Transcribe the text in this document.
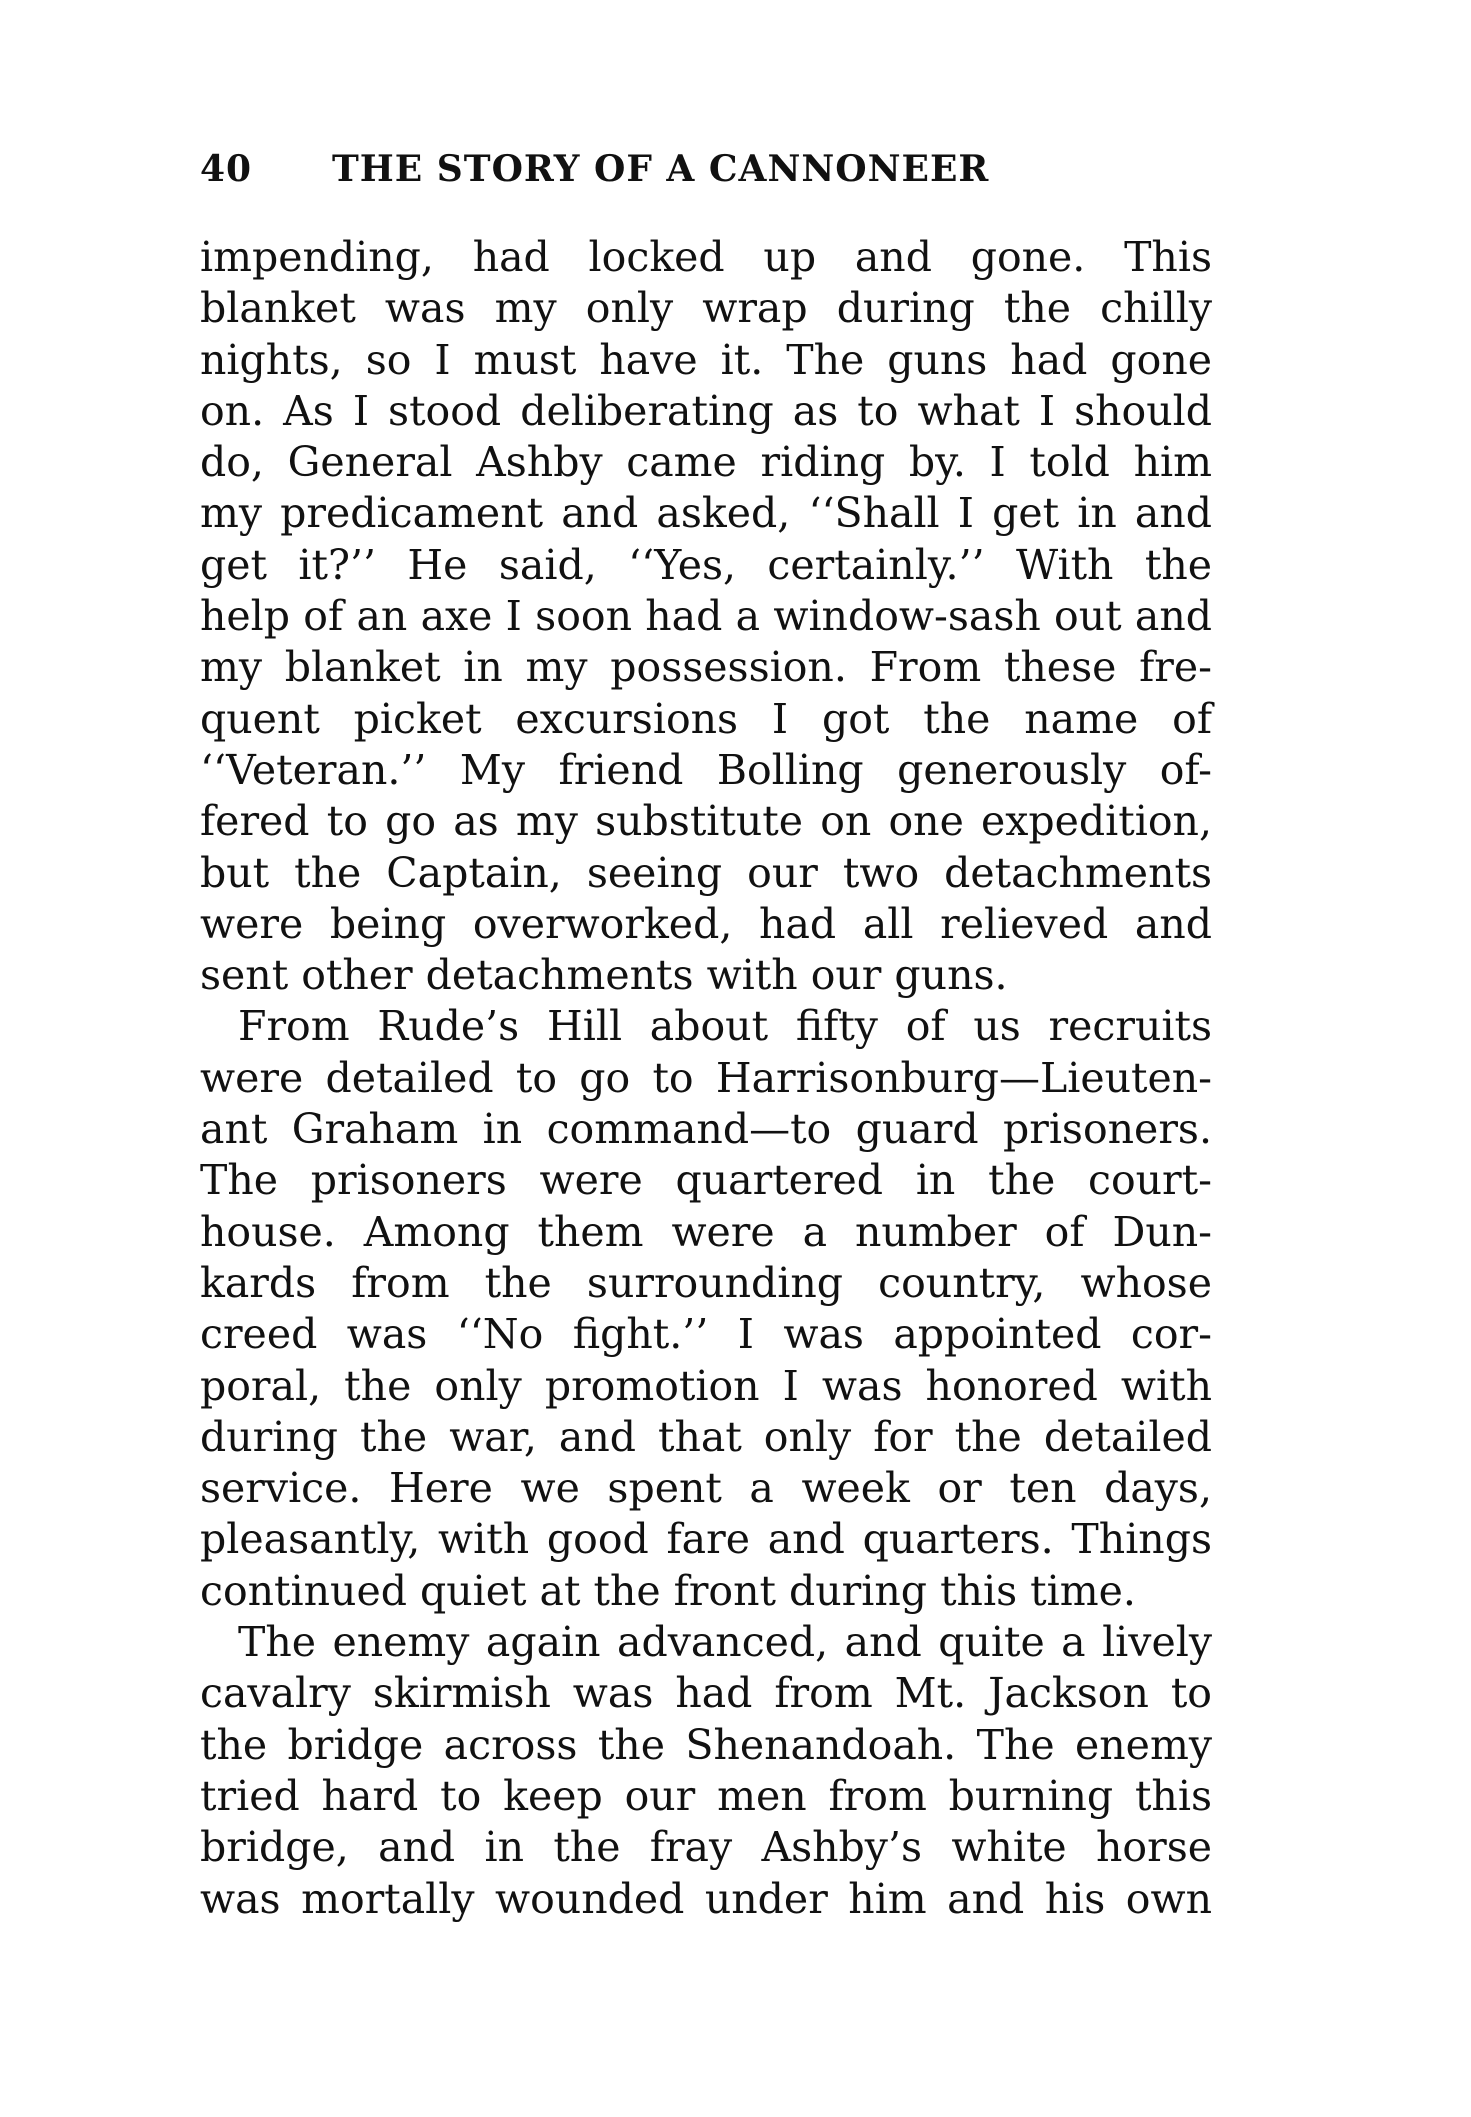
40 THE STORY OF A CANNONEER
impending, had locked up and gone. This
blanket was my only wrap during the chilly
nights, so I must have it. The guns had gone
on. As I stood deliberating as to what I should
do, General Ashby came riding by. I told him
my predicament and asked, ‘‘Shall I get in and
get it?’’ He said, ‘‘Yes, certainly.’’ With the
help of an axe I soon had a window-sash out and
my blanket in my possession. From these fre-
quent picket excursions I got the name of
‘‘Veteran.’’ My friend Bolling generously of-
fered to go as my substitute on one expedition,
but the Captain, seeing our two detachments
were being overworked, had all relieved and
sent other detachments with our guns.
From Rude’s Hill about fifty of us recruits
were detailed to go to Harrisonburg—Lieuten-
ant Graham in command—to guard prisoners.
The prisoners were quartered in the court-
house. Among them were a number of Dun-
kards from the surrounding country, whose
creed was ‘‘No fight.’’ I was appointed cor-
poral, the only promotion I was honored with
during the war, and that only for the detailed
service. Here we spent a week or ten days,
pleasantly, with good fare and quarters. Things
continued quiet at the front during this time.
The enemy again advanced, and quite a lively
cavalry skirmish was had from Mt. Jackson to
the bridge across the Shenandoah. The enemy
tried hard to keep our men from burning this
bridge, and in the fray Ashby’s white horse
was mortally wounded under him and his own
